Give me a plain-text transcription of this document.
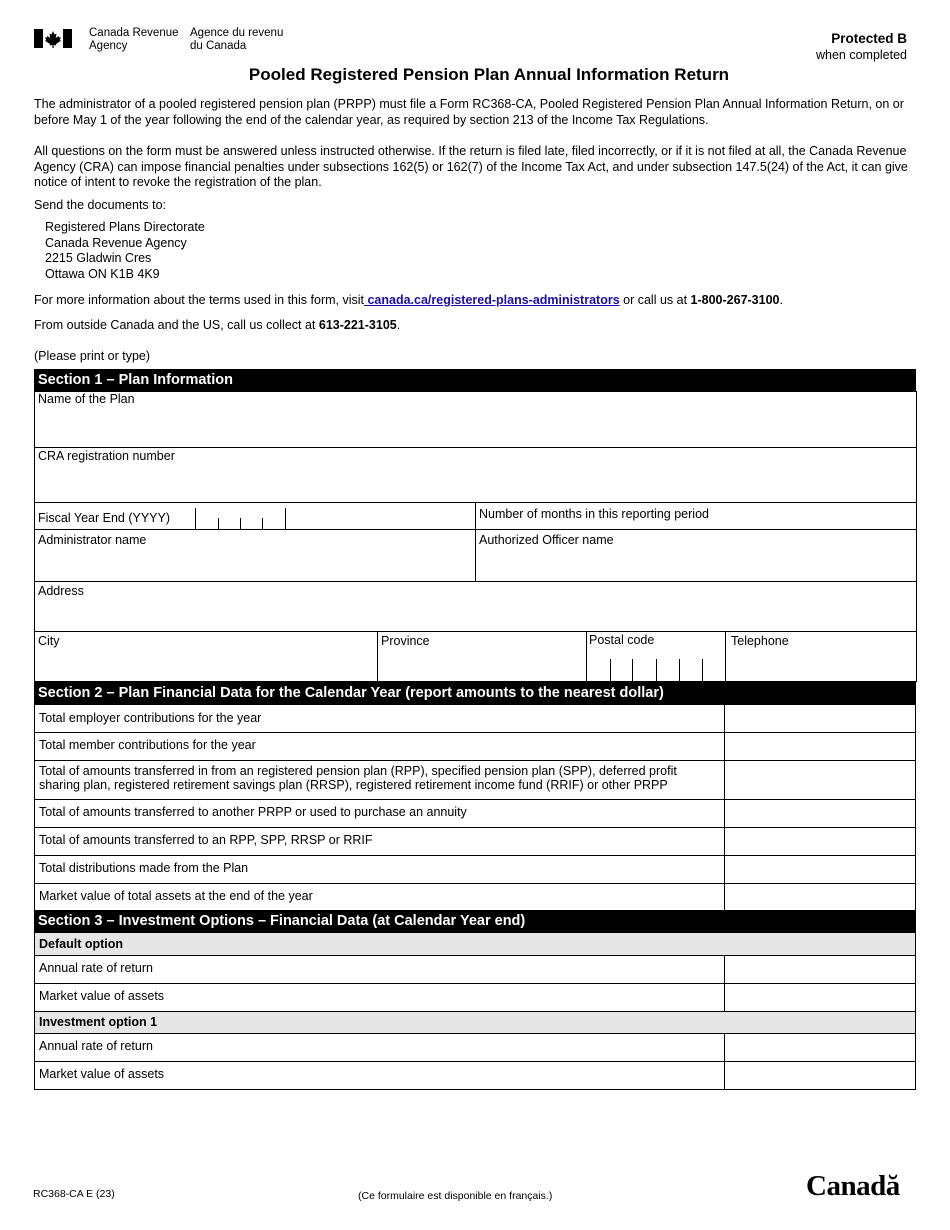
Canada Revenue
Agency
Agence du revenu
du Canada	Protected B
when completed
Pooled Registered Pension Plan Annual Information Return
The administrator of a pooled registered pension plan (PRPP) must file a Form RC368-CA, Pooled Registered Pension Plan Annual Information Return, on or before May 1 of the year following the end of the calendar year, as required by section 213 of the Income Tax Regulations.
All questions on the form must be answered unless instructed otherwise. If the return is filed late, filed incorrectly, or if it is not filed at all, the Canada Revenue Agency (CRA) can impose financial penalties under subsections 162(5) or 162(7) of the Income Tax Act, and under subsection 147.5(24) of the Act, it can give notice of intent to revoke the registration of the plan.
Send the documents to:
Registered Plans Directorate
Canada Revenue Agency
2215 Gladwin Cres
Ottawa ON K1B 4K9
For more information about the terms used in this form, visit canada.ca/registered-plans-administrators or call us at 1-800-267-3100.
From outside Canada and the US, call us collect at 613-221-3105.
(Please print or type)
Section 1 – Plan Information
Name of the Plan
CRA registration number
Fiscal Year End (YYYY)	Number of months in this reporting period
Administrator name	Authorized Officer name
Address
City	Province	Postal code	Telephone
Section 2 – Plan Financial Data for the Calendar Year (report amounts to the nearest dollar)
Total employer contributions for the year
Total member contributions for the year
Total of amounts transferred in from an registered pension plan (RPP), specified pension plan (SPP), deferred profit sharing plan, registered retirement savings plan (RRSP), registered retirement income fund (RRIF) or other PRPP
Total of amounts transferred to another PRPP or used to purchase an annuity
Total of amounts transferred to an RPP, SPP, RRSP or RRIF
Total distributions made from the Plan
Market value of total assets at the end of the year
Section 3 – Investment Options – Financial Data (at Calendar Year end)
Default option
Annual rate of return
Market value of assets
Investment option 1
Annual rate of return
Market value of assets
RC368-CA E (23)	(Ce formulaire est disponible en français.)	Canadă
